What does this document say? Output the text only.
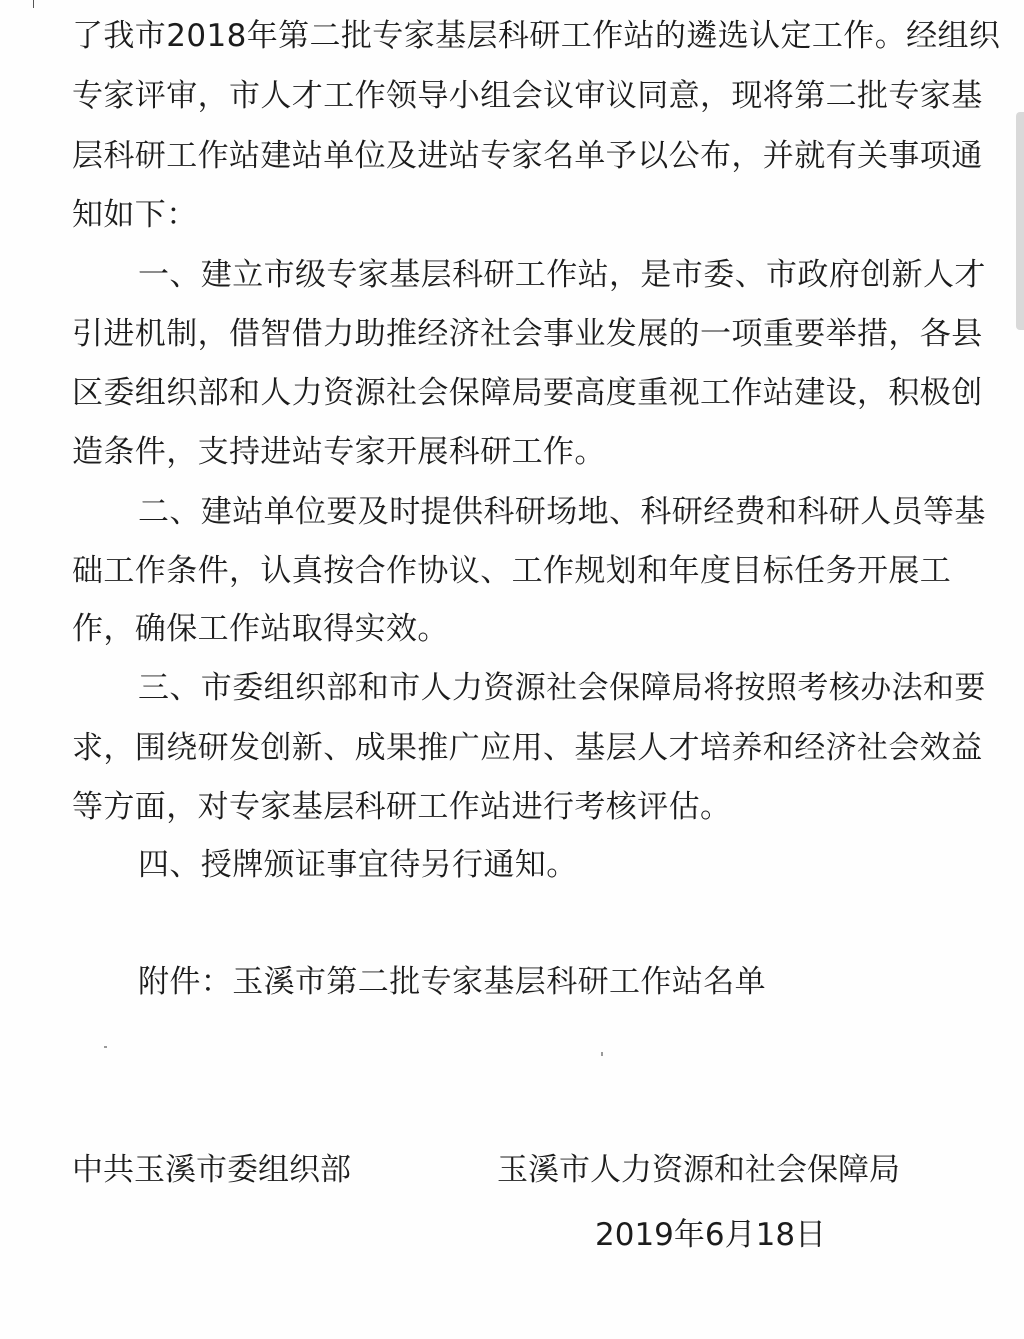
了我市2018年第二批专家基层科研工作站的遴选认定工作。经组织
专家评审，市人才工作领导小组会议审议同意，现将第二批专家基
层科研工作站建站单位及进站专家名单予以公布，并就有关事项通
知如下：
一、建立市级专家基层科研工作站，是市委、市政府创新人才
引进机制，借智借力助推经济社会事业发展的一项重要举措，各县
区委组织部和人力资源社会保障局要高度重视工作站建设，积极创
造条件，支持进站专家开展科研工作。
二、建站单位要及时提供科研场地、科研经费和科研人员等基
础工作条件，认真按合作协议、工作规划和年度目标任务开展工
作，确保工作站取得实效。
三、市委组织部和市人力资源社会保障局将按照考核办法和要
求，围绕研发创新、成果推广应用、基层人才培养和经济社会效益
等方面，对专家基层科研工作站进行考核评估。
四、授牌颁证事宜待另行通知。
附件：玉溪市第二批专家基层科研工作站名单
中共玉溪市委组织部	玉溪市人力资源和社会保障局
2019年6月18日
